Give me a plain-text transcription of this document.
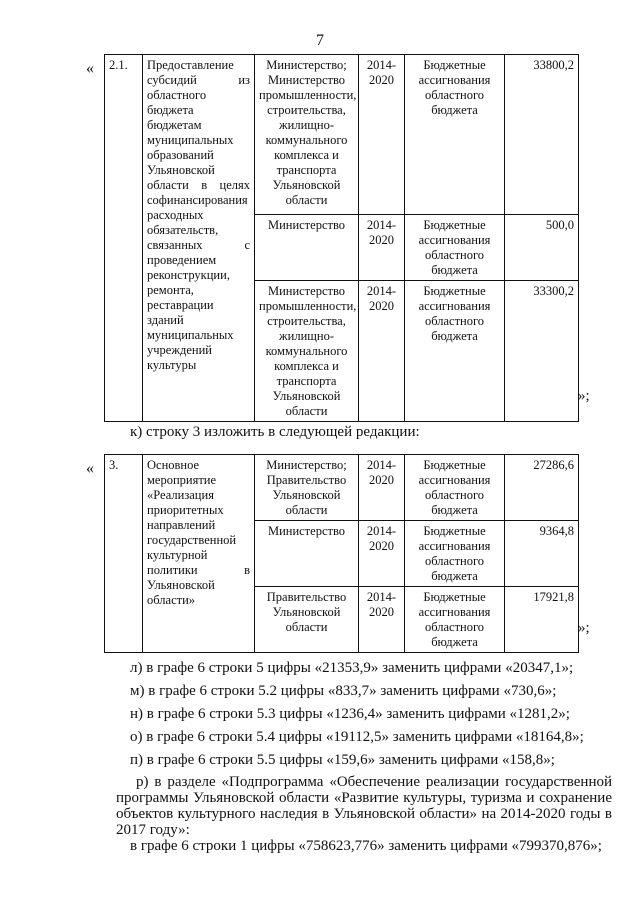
7
« 2.1.	Предоставление субсидий из областного бюджета бюджетам муниципальных образований Ульяновской области в целях софинансирования расходных обязательств, связанных с проведением реконструкции, ремонта, реставрации зданий муниципальных учреждений культуры	Министерство; Министерство промышленности, строительства, жилищно-коммунального комплекса и транспорта Ульяновской области	2014-2020	Бюджетные ассигнования областного бюджета	33800,2
		Министерство	2014-2020	Бюджетные ассигнования областного бюджета	500,0
		Министерство промышленности, строительства, жилищно-коммунального комплекса и транспорта Ульяновской области	2014-2020	Бюджетные ассигнования областного бюджета	33300,2
»;
к) строку 3 изложить в следующей редакции:
« 3.	Основное мероприятие «Реализация приоритетных направлений государственной культурной политики в Ульяновской области»	Министерство; Правительство Ульяновской области	2014-2020	Бюджетные ассигнования областного бюджета	27286,6
		Министерство	2014-2020	Бюджетные ассигнования областного бюджета	9364,8
		Правительство Ульяновской области	2014-2020	Бюджетные ассигнования областного бюджета	17921,8
»;
л) в графе 6 строки 5 цифры «21353,9» заменить цифрами «20347,1»;
м) в графе 6 строки 5.2 цифры «833,7» заменить цифрами «730,6»;
н) в графе 6 строки 5.3 цифры «1236,4» заменить цифрами «1281,2»;
о) в графе 6 строки 5.4 цифры «19112,5» заменить цифрами «18164,8»;
п) в графе 6 строки 5.5 цифры «159,6» заменить цифрами «158,8»;
р) в разделе «Подпрограмма «Обеспечение реализации государственной программы Ульяновской области «Развитие культуры, туризма и сохранение объектов культурного наследия в Ульяновской области» на 2014-2020 годы в 2017 году»:
в графе 6 строки 1 цифры «758623,776» заменить цифрами «799370,876»;
